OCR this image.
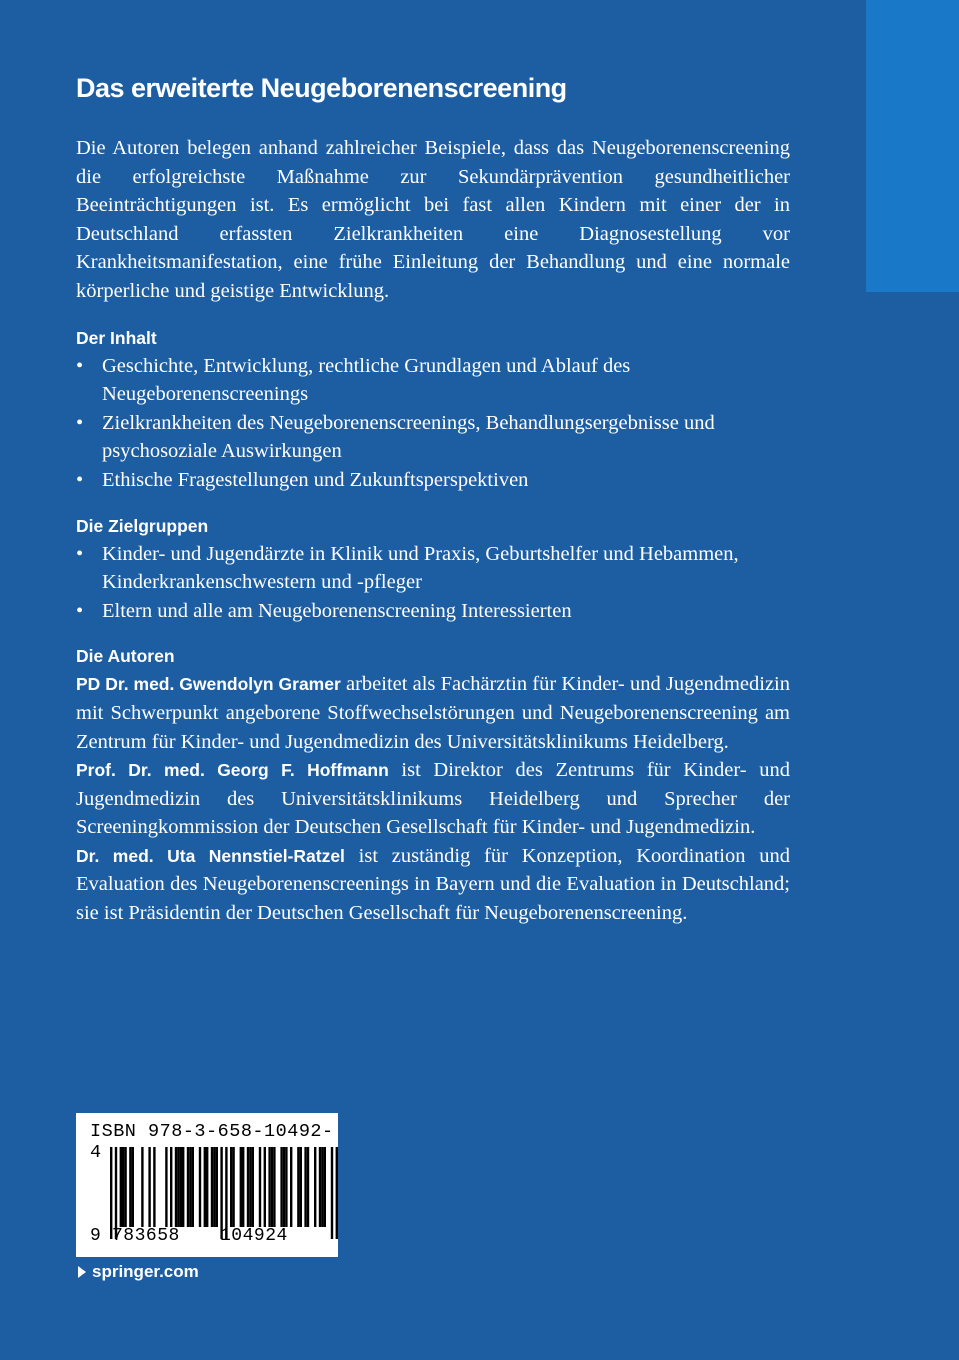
Das erweiterte Neugeborenenscreening

Die Autoren belegen anhand zahlreicher Beispiele, dass das Neugeborenenscreening die erfolgreichste Maßnahme zur Sekundärprävention gesundheitlicher Beeinträchtigungen ist. Es ermöglicht bei fast allen Kindern mit einer der in Deutschland erfassten Zielkrankheiten eine Diagnosestellung vor Krankheitsmanifestation, eine frühe Einleitung der Behandlung und eine normale körperliche und geistige Entwicklung.

Der Inhalt
• Geschichte, Entwicklung, rechtliche Grundlagen und Ablauf des Neugeborenenscreenings
• Zielkrankheiten des Neugeborenenscreenings, Behandlungsergebnisse und psychosoziale Auswirkungen
• Ethische Fragestellungen und Zukunftsperspektiven
Die Zielgruppen
• Kinder- und Jugendärzte in Klinik und Praxis, Geburtshelfer und Hebammen, Kinderkrankenschwestern und -pfleger
• Eltern und alle am Neugeborenenscreening Interessierten
Die Autoren

PD Dr. med. Gwendolyn Gramer arbeitet als Fachärztin für Kinder- und Jugendmedizin mit Schwerpunkt angeborene Stoffwechselstörungen und Neugeborenenscreening am Zentrum für Kinder- und Jugendmedizin des Universitätsklinikums Heidelberg.

Prof. Dr. med. Georg F. Hoffmann ist Direktor des Zentrums für Kinder- und Jugendmedizin des Universitätsklinikums Heidelberg und Sprecher der Screeningkommission der Deutschen Gesellschaft für Kinder- und Jugendmedizin.

Dr. med. Uta Nennstiel-Ratzel ist zuständig für Konzeption, Koordination und Evaluation des Neugeborenenscreenings in Bayern und die Evaluation in Deutschland; sie ist Präsidentin der Deutschen Gesellschaft für Neugeborenenscreening.

ISBN 978-3-658-10492-4
9 783658 104924
springer.com
